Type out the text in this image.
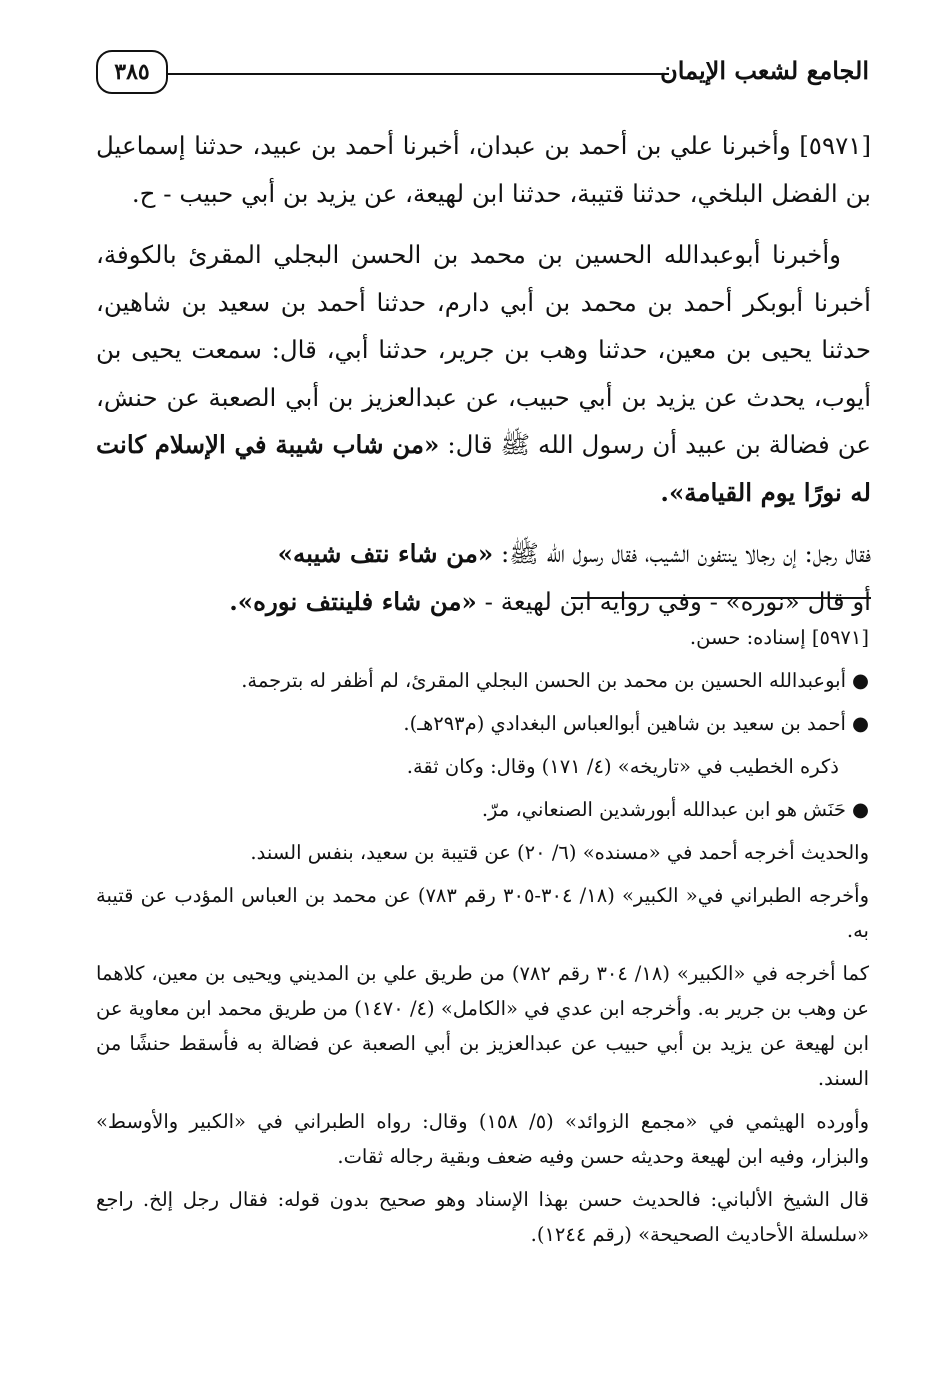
الجامع لشعب الإيمان
٣٨٥

[٥٩٧١] وأخبرنا علي بن أحمد بن عبدان، أخبرنا أحمد بن عبيد، حدثنا إسماعيل بن الفضل البلخي، حدثنا قتيبة، حدثنا ابن لهيعة، عن يزيد بن أبي حبيب - ح.

وأخبرنا أبوعبدالله الحسين بن محمد بن الحسن البجلي المقرئ بالكوفة، أخبرنا أبوبكر أحمد بن محمد بن أبي دارم، حدثنا أحمد بن سعيد بن شاهين، حدثنا يحيى بن معين، حدثنا وهب بن جرير، حدثنا أبي، قال: سمعت يحيى بن أيوب، يحدث عن يزيد بن أبي حبيب، عن عبدالعزيز بن أبي الصعبة عن حنش، عن فضالة بن عبيد أن رسول الله ﷺ قال: «من شاب شيبة في الإسلام كانت له نورًا يوم القيامة».

فقال رجل: إن رجالا ينتفون الشيب، فقال رسول الله ﷺ: «من شاء نتف شيبه»
أو قال «نوره» - وفي رواية ابن لهيعة - «من شاء فلينتف نوره».

[٥٩٧١] إسناده: حسن.

●أبوعبدالله الحسين بن محمد بن الحسن البجلي المقرئ، لم أظفر له بترجمة.

●أحمد بن سعيد بن شاهين أبوالعباس البغدادي (م٢٩٣هـ).

ذكره الخطيب في «تاريخه» (٤/ ١٧١) وقال: وكان ثقة.

●حَنَش هو ابن عبدالله أبورشدين الصنعاني، مرّ.

والحديث أخرجه أحمد في «مسنده» (٦/ ٢٠) عن قتيبة بن سعيد، بنفس السند.

وأخرجه الطبراني في« الكبير» (١٨/ ٣٠٤-٣٠٥ رقم ٧٨٣) عن محمد بن العباس المؤدب عن قتيبة به.

كما أخرجه في «الكبير» (١٨/ ٣٠٤ رقم ٧٨٢) من طريق علي بن المديني ويحيى بن معين، كلاهما عن وهب بن جرير به. وأخرجه ابن عدي في «الكامل» (٤/ ١٤٧٠) من طريق محمد ابن معاوية عن ابن لهيعة عن يزيد بن أبي حبيب عن عبدالعزيز بن أبي الصعبة عن فضالة به فأسقط حنشًا من السند.

وأورده الهيثمي في «مجمع الزوائد» (٥/ ١٥٨) وقال: رواه الطبراني في «الكبير والأوسط» والبزار، وفيه ابن لهيعة وحديثه حسن وفيه ضعف وبقية رجاله ثقات.

قال الشيخ الألباني: فالحديث حسن بهذا الإسناد وهو صحيح بدون قوله: فقال رجل إلخ. راجع «سلسلة الأحاديث الصحيحة» (رقم ١٢٤٤).
